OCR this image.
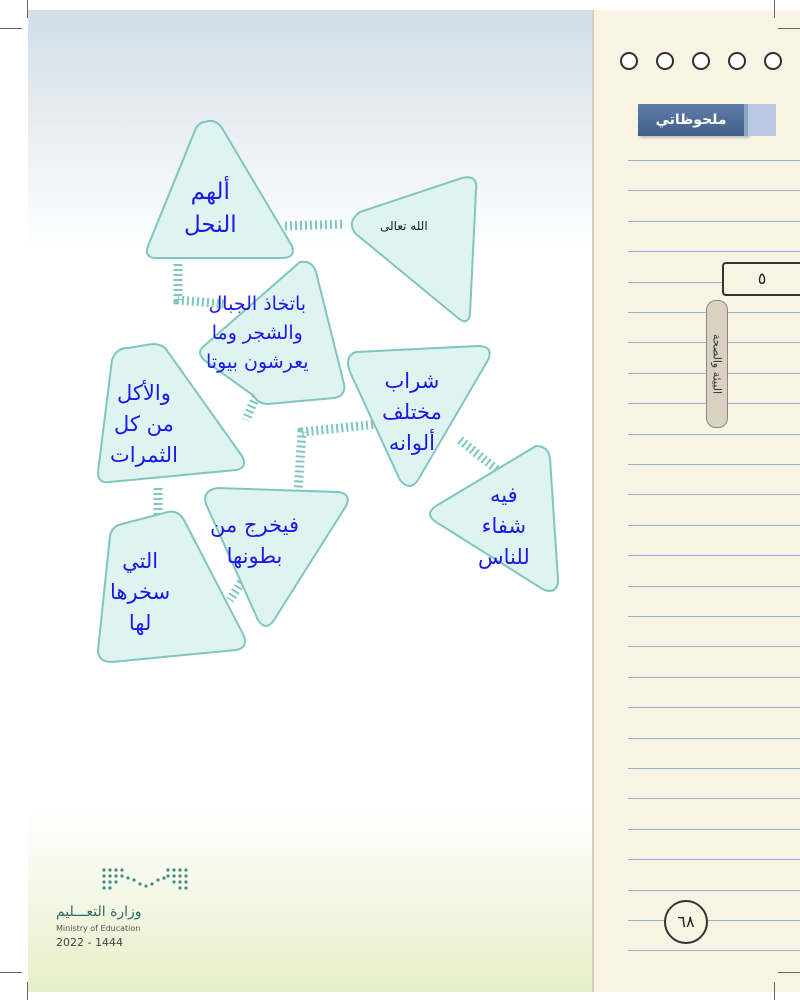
ملحوظاتي
٥
البيئة والصحة
٦٨
الله تعالى
ألهم
النحل
باتخاذ الجبال
والشجر وما
يعرشون بيوتا
والأكل
من كل
الثمرات
شراب
مختلف
ألوانه
فيه
شفاء
للناس
فيخرج من
بطونها
التي
سخرها
لها
وزارة التعـــليم
Ministry of Education
2022 - 1444
